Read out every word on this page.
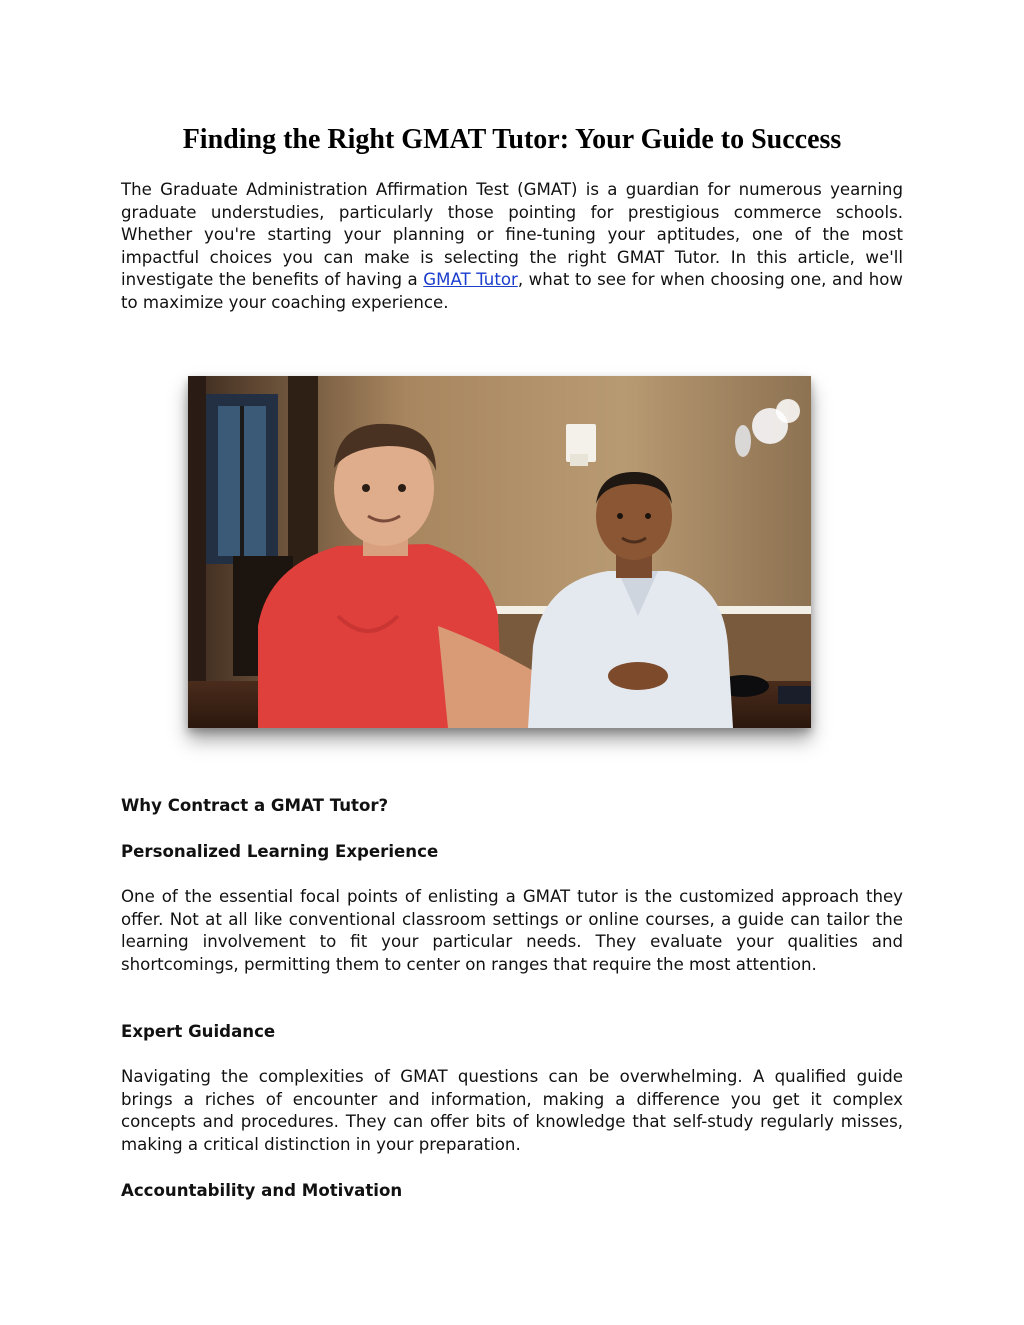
Finding the Right GMAT Tutor: Your Guide to Success

The Graduate Administration Affirmation Test (GMAT) is a guardian for numerous yearning graduate understudies, particularly those pointing for prestigious commerce schools. Whether you're starting your planning or fine-tuning your aptitudes, one of the most impactful choices you can make is selecting the right GMAT Tutor. In this article, we'll investigate the benefits of having a GMAT Tutor, what to see for when choosing one, and how to maximize your coaching experience.

Why Contract a GMAT Tutor?
Personalized Learning Experience

One of the essential focal points of enlisting a GMAT tutor is the customized approach they offer. Not at all like conventional classroom settings or online courses, a guide can tailor the learning involvement to fit your particular needs. They evaluate your qualities and shortcomings, permitting them to center on ranges that require the most attention.

Expert Guidance

Navigating the complexities of GMAT questions can be overwhelming. A qualified guide brings a riches of encounter and information, making a difference you get it complex concepts and procedures. They can offer bits of knowledge that self-study regularly misses, making a critical distinction in your preparation.

Accountability and Motivation
